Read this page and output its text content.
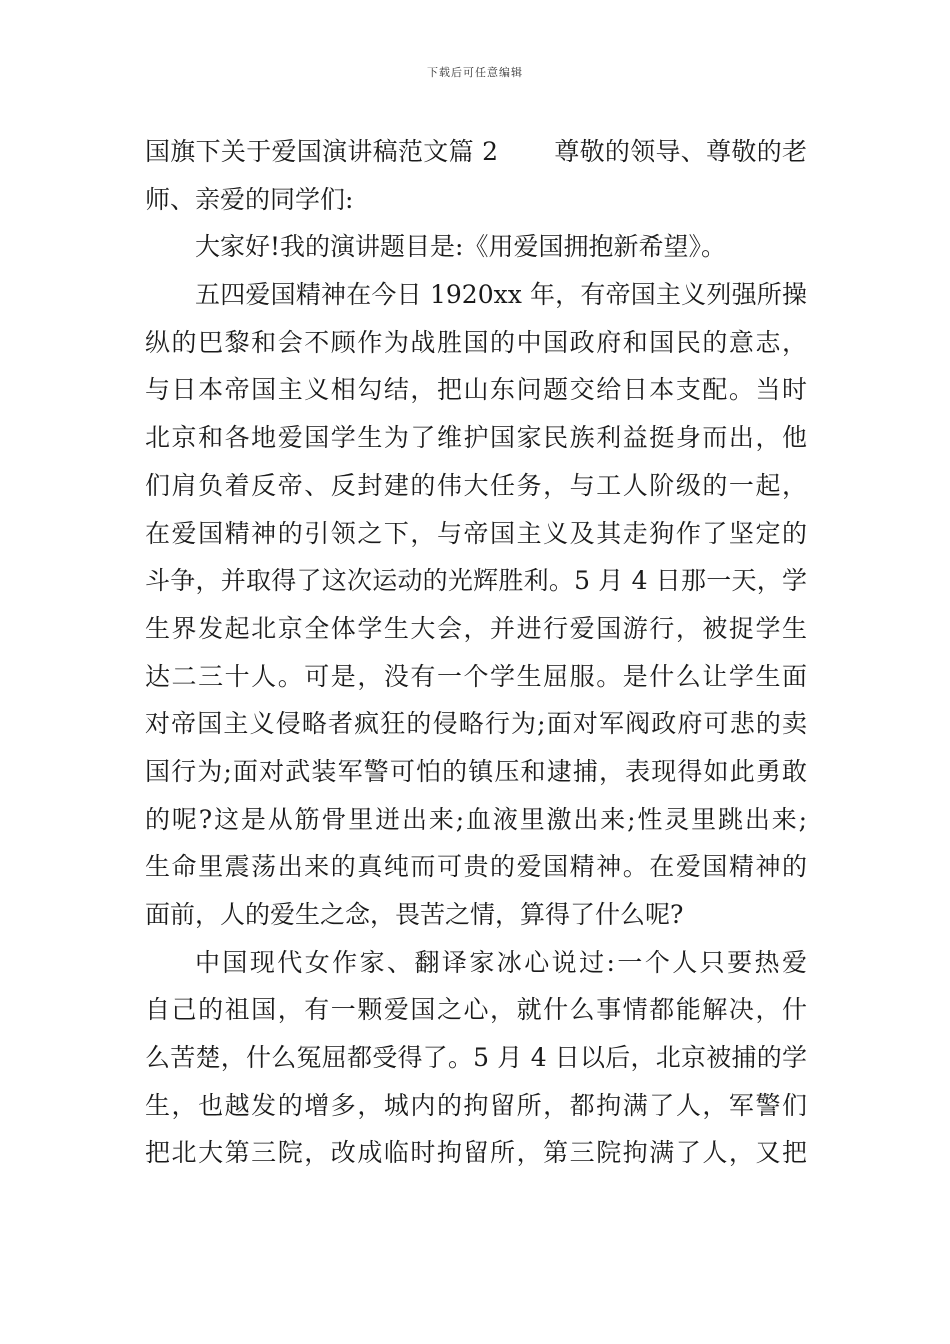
下载后可任意编辑
国旗下关于爱国演讲稿范文篇 2 尊敬的领导、尊敬的老
师、亲爱的同学们:
大家好!我的演讲题目是:《用爱国拥抱新希望》。
五四爱国精神在今日 1920xx 年，有帝国主义列强所操
纵的巴黎和会不顾作为战胜国的中国政府和国民的意志，
与日本帝国主义相勾结，把山东问题交给日本支配。当时
北京和各地爱国学生为了维护国家民族利益挺身而出，他
们肩负着反帝、反封建的伟大任务，与工人阶级的一起，
在爱国精神的引领之下，与帝国主义及其走狗作了坚定的
斗争，并取得了这次运动的光辉胜利。5 月 4 日那一天，学
生界发起北京全体学生大会，并进行爱国游行，被捉学生
达二三十人。可是，没有一个学生屈服。是什么让学生面
对帝国主义侵略者疯狂的侵略行为;面对军阀政府可悲的卖
国行为;面对武装军警可怕的镇压和逮捕，表现得如此勇敢
的呢?这是从筋骨里迸出来;血液里激出来;性灵里跳出来;
生命里震荡出来的真纯而可贵的爱国精神。在爱国精神的
面前，人的爱生之念，畏苦之情，算得了什么呢?
中国现代女作家、翻译家冰心说过:一个人只要热爱
自己的祖国，有一颗爱国之心，就什么事情都能解决，什
么苦楚，什么冤屈都受得了。5 月 4 日以后，北京被捕的学
生，也越发的增多，城内的拘留所，都拘满了人，军警们
把北大第三院，改成临时拘留所，第三院拘满了人，又把
